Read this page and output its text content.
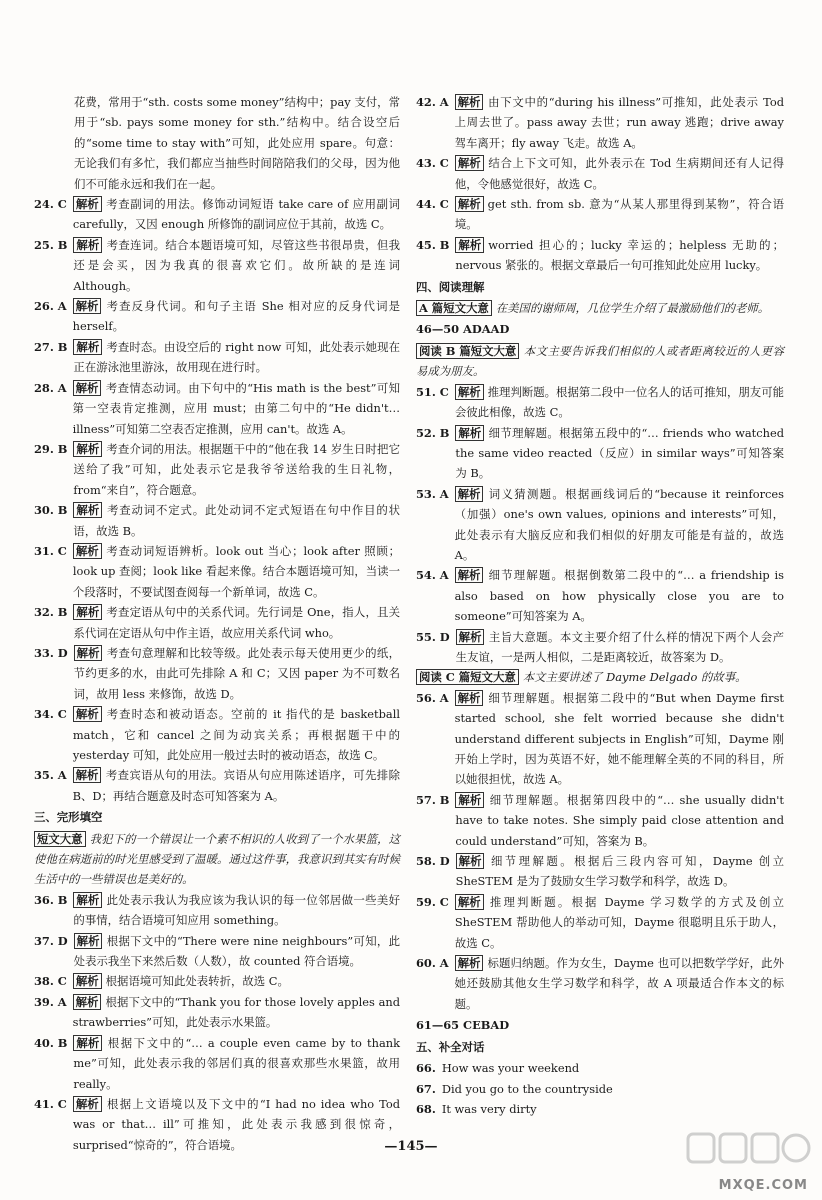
花费，常用于“sth. costs some money”结构中；pay 支付，常用于“sb. pays some money for sth.”结构中。结合设空后的“some time to stay with”可知，此处应用 spare。句意：无论我们有多忙，我们都应当抽些时间陪陪我们的父母，因为他们不可能永远和我们在一起。
24. C 解析 考查副词的用法。修饰动词短语 take care of 应用副词 carefully，又因 enough 所修饰的副词应位于其前，故选 C。
25. B 解析 考查连词。结合本题语境可知，尽管这些书很昂贵，但我还是会买，因为我真的很喜欢它们。故所缺的是连词 Although。
26. A 解析 考查反身代词。和句子主语 She 相对应的反身代词是 herself。
27. B 解析 考查时态。由设空后的 right now 可知，此处表示她现在正在游泳池里游泳，故用现在进行时。
28. A 解析 考查情态动词。由下句中的“His math is the best”可知第一空表肯定推测，应用 must；由第二句中的“He didn't… illness”可知第二空表否定推测，应用 can't。故选 A。
29. B 解析 考查介词的用法。根据题干中的“他在我 14 岁生日时把它送给了我”可知，此处表示它是我爷爷送给我的生日礼物，from“来自”，符合题意。
30. B 解析 考查动词不定式。此处动词不定式短语在句中作目的状语，故选 B。
31. C 解析 考查动词短语辨析。look out 当心；look after 照顾；look up 查阅；look like 看起来像。结合本题语境可知，当读一个段落时，不要试图查阅每一个新单词，故选 C。
32. B 解析 考查定语从句中的关系代词。先行词是 One，指人，且关系代词在定语从句中作主语，故应用关系代词 who。
33. D 解析 考查句意理解和比较等级。此处表示每天使用更少的纸，节约更多的水，由此可先排除 A 和 C；又因 paper 为不可数名词，故用 less 来修饰，故选 D。
34. C 解析 考查时态和被动语态。空前的 it 指代的是 basketball match，它和 cancel 之间为动宾关系；再根据题干中的 yesterday 可知，此处应用一般过去时的被动语态，故选 C。
35. A 解析 考查宾语从句的用法。宾语从句应用陈述语序，可先排除 B、D；再结合题意及时态可知答案为 A。
三、完形填空
短文大意 我犯下的一个错误让一个素不相识的人收到了一个水果篮，这使他在病逝前的时光里感受到了温暖。通过这件事，我意识到其实有时候生活中的一些错误也是美好的。
36. B 解析 此处表示我认为我应该为我认识的每一位邻居做一些美好的事情，结合语境可知应用 something。
37. D 解析 根据下文中的“There were nine neighbours”可知，此处表示我坐下来然后数（人数），故 counted 符合语境。
38. C 解析 根据语境可知此处表转折，故选 C。
39. A 解析 根据下文中的“Thank you for those lovely apples and strawberries”可知，此处表示水果篮。
40. B 解析 根据下文中的“… a couple even came by to thank me”可知，此处表示我的邻居们真的很喜欢那些水果篮，故用 really。
41. C 解析 根据上文语境以及下文中的“I had no idea who Tod was or that… ill”可推知，此处表示我感到很惊奇，surprised“惊奇的”，符合语境。
42. A 解析 由下文中的“during his illness”可推知，此处表示 Tod 上周去世了。pass away 去世；run away 逃跑；drive away 驾车离开；fly away 飞走。故选 A。
43. C 解析 结合上下文可知，此外表示在 Tod 生病期间还有人记得他，令他感觉很好，故选 C。
44. C 解析 get sth. from sb. 意为“从某人那里得到某物”，符合语境。
45. B 解析 worried 担心的；lucky 幸运的；helpless 无助的；nervous 紧张的。根据文章最后一句可推知此处应用 lucky。
四、阅读理解
A 篇短文大意 在美国的谢师周，几位学生介绍了最激励他们的老师。
46—50 ADAAD
阅读 B 篇短文大意 本文主要告诉我们相似的人或者距离较近的人更容易成为朋友。
51. C 解析 推理判断题。根据第二段中一位名人的话可推知，朋友可能会彼此相像，故选 C。
52. B 解析 细节理解题。根据第五段中的“… friends who watched the same video reacted（反应）in similar ways”可知答案为 B。
53. A 解析 词义猜测题。根据画线词后的“because it reinforces（加强）one's own values, opinions and interests”可知，此处表示有大脑反应和我们相似的好朋友可能是有益的，故选 A。
54. A 解析 细节理解题。根据倒数第二段中的“… a friendship is also based on how physically close you are to someone”可知答案为 A。
55. D 解析 主旨大意题。本文主要介绍了什么样的情况下两个人会产生友谊，一是两人相似，二是距离较近，故答案为 D。
阅读 C 篇短文大意 本文主要讲述了 Dayme Delgado 的故事。
56. A 解析 细节理解题。根据第二段中的“But when Dayme first started school, she felt worried because she didn't understand different subjects in English”可知，Dayme 刚开始上学时，因为英语不好，她不能理解全英的不同的科目，所以她很担忧，故选 A。
57. B 解析 细节理解题。根据第四段中的“… she usually didn't have to take notes. She simply paid close attention and could understand”可知，答案为 B。
58. D 解析 细节理解题。根据后三段内容可知，Dayme 创立 SheSTEM 是为了鼓励女生学习数学和科学，故选 D。
59. C 解析 推理判断题。根据 Dayme 学习数学的方式及创立 SheSTEM 帮助他人的举动可知，Dayme 很聪明且乐于助人，故选 C。
60. A 解析 标题归纳题。作为女生，Dayme 也可以把数学学好，此外她还鼓励其他女生学习数学和科学，故 A 项最适合作本文的标题。
61—65 CEBAD
五、补全对话
66. How was your weekend
67. Did you go to the countryside
68. It was very dirty
—145—
MXQE.COM
